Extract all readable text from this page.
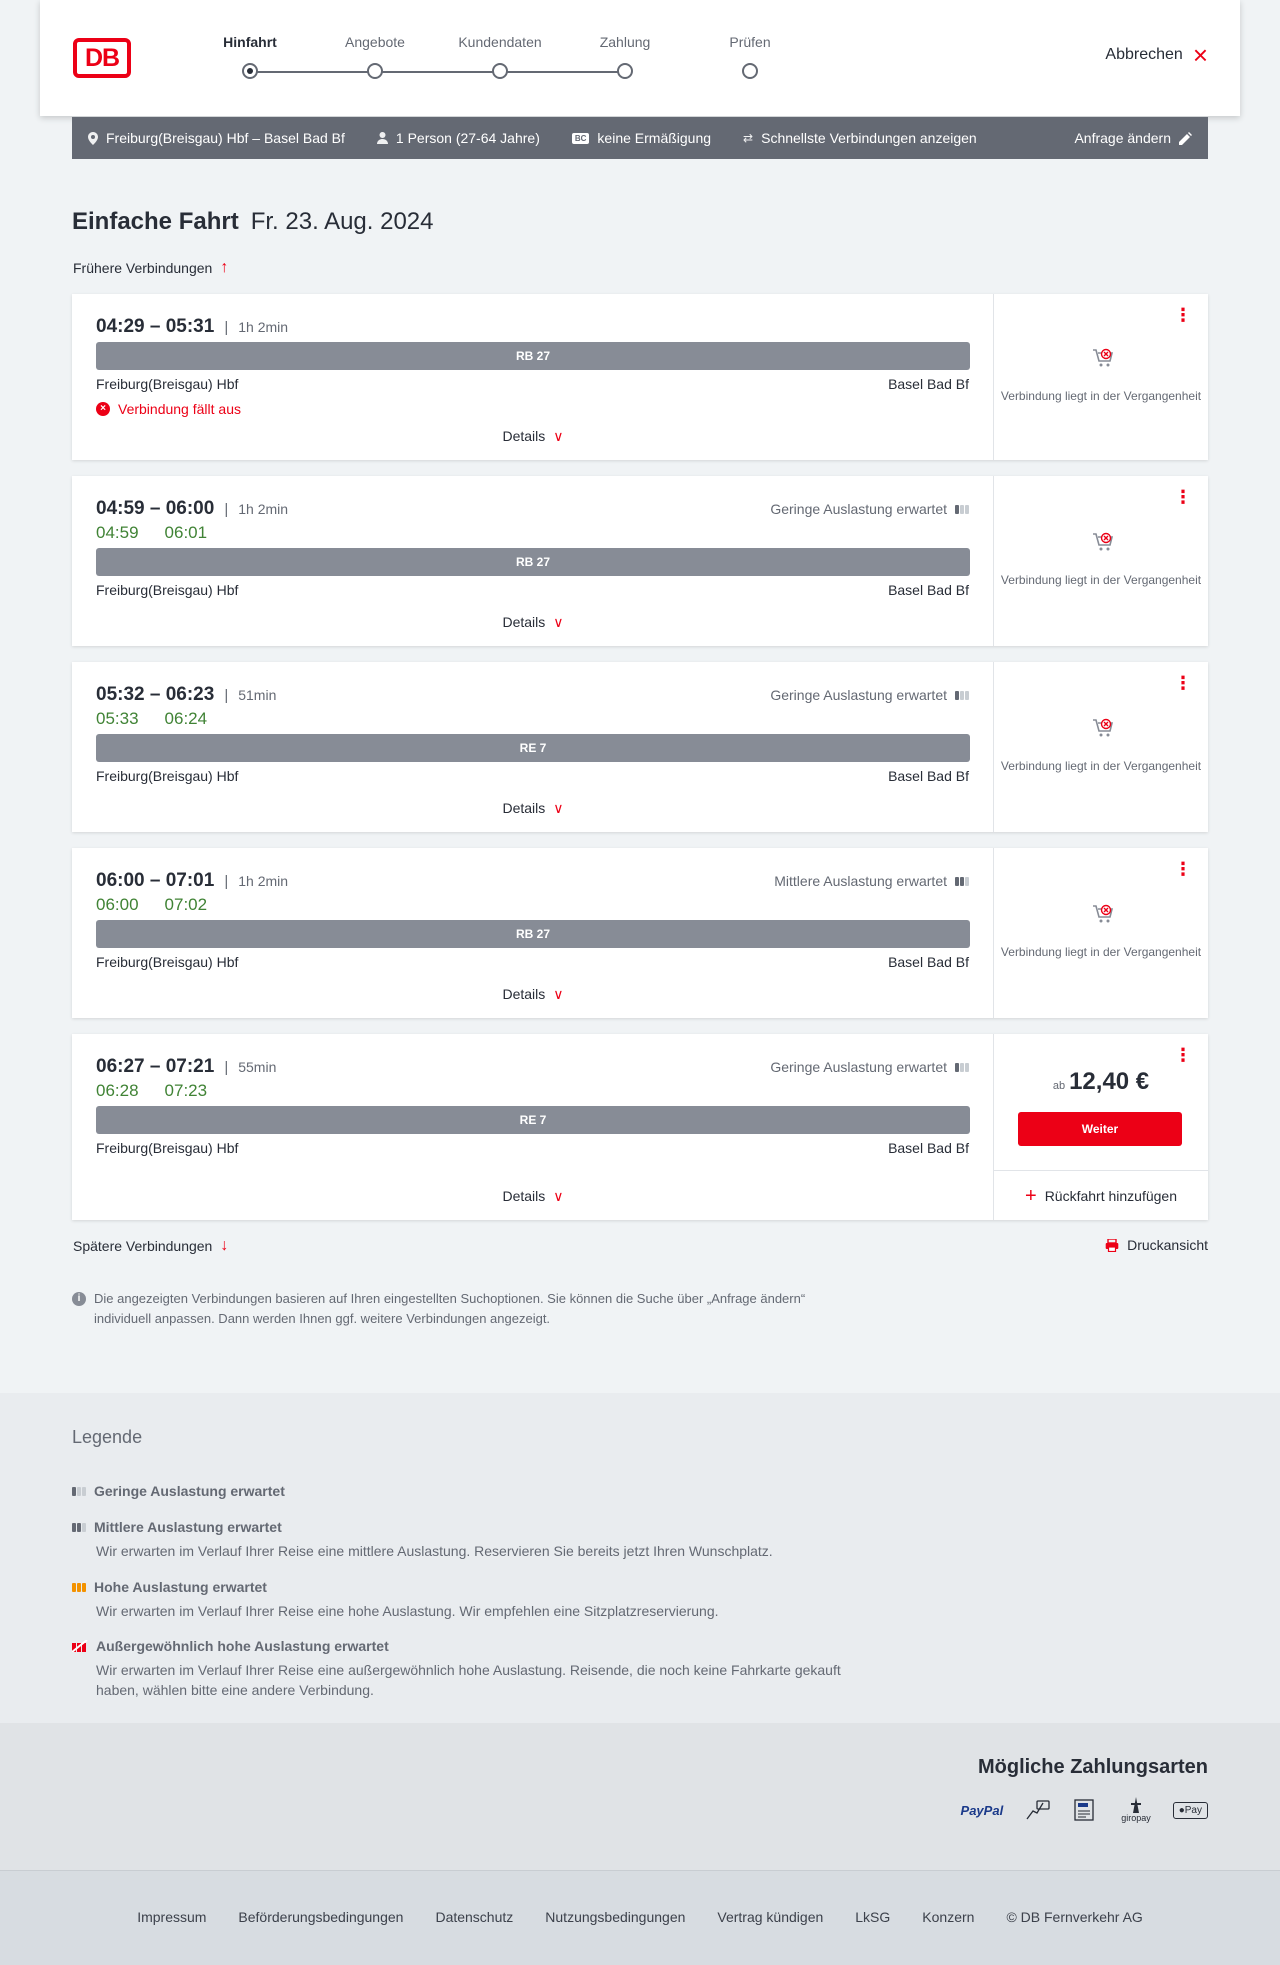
DB
Hinfahrt	Angebote	Kundendaten	Zahlung	Prüfen
Abbrechen ×
Freiburg(Breisgau) Hbf – Basel Bad Bf	1 Person (27-64 Jahre)	BC keine Ermäßigung	⇄ Schnellste Verbindungen anzeigen	Anfrage ändern
Einfache Fahrt Fr. 23. Aug. 2024
Frühere Verbindungen ↑
04:29 – 05:31 | 1h 2min
RB 27
Freiburg(Breisgau) Hbf	Basel Bad Bf
× Verbindung fällt aus
Details ∨
⋮
Verbindung liegt in der Vergangenheit
04:59 – 06:00 | 1h 2min	Geringe Auslastung erwartet
04:59 06:01
RB 27
Freiburg(Breisgau) Hbf	Basel Bad Bf
Details ∨
⋮
Verbindung liegt in der Vergangenheit
05:32 – 06:23 | 51min	Geringe Auslastung erwartet
05:33 06:24
RE 7
Freiburg(Breisgau) Hbf	Basel Bad Bf
Details ∨
⋮
Verbindung liegt in der Vergangenheit
06:00 – 07:01 | 1h 2min	Mittlere Auslastung erwartet
06:00 07:02
RB 27
Freiburg(Breisgau) Hbf	Basel Bad Bf
Details ∨
⋮
Verbindung liegt in der Vergangenheit
06:27 – 07:21 | 55min	Geringe Auslastung erwartet
06:28 07:23
RE 7
Freiburg(Breisgau) Hbf	Basel Bad Bf
Details ∨
⋮
ab 12,40 €
Weiter
+ Rückfahrt hinzufügen
Spätere Verbindungen ↓	Druckansicht
i	Die angezeigten Verbindungen basieren auf Ihren eingestellten Suchoptionen. Sie können die Suche über „Anfrage ändern“ individuell anpassen. Dann werden Ihnen ggf. weitere Verbindungen angezeigt.
Legende
Geringe Auslastung erwartet
Mittlere Auslastung erwartet
Wir erwarten im Verlauf Ihrer Reise eine mittlere Auslastung. Reservieren Sie bereits jetzt Ihren Wunschplatz.
Hohe Auslastung erwartet
Wir erwarten im Verlauf Ihrer Reise eine hohe Auslastung. Wir empfehlen eine Sitzplatzreservierung.
Außergewöhnlich hohe Auslastung erwartet
Wir erwarten im Verlauf Ihrer Reise eine außergewöhnlich hohe Auslastung. Reisende, die noch keine Fahrkarte gekauft haben, wählen bitte eine andere Verbindung.
Mögliche Zahlungsarten
PayPal
giropay
●Pay
Impressum Beförderungsbedingungen Datenschutz Nutzungsbedingungen Vertrag kündigen LkSG Konzern © DB Fernverkehr AG
